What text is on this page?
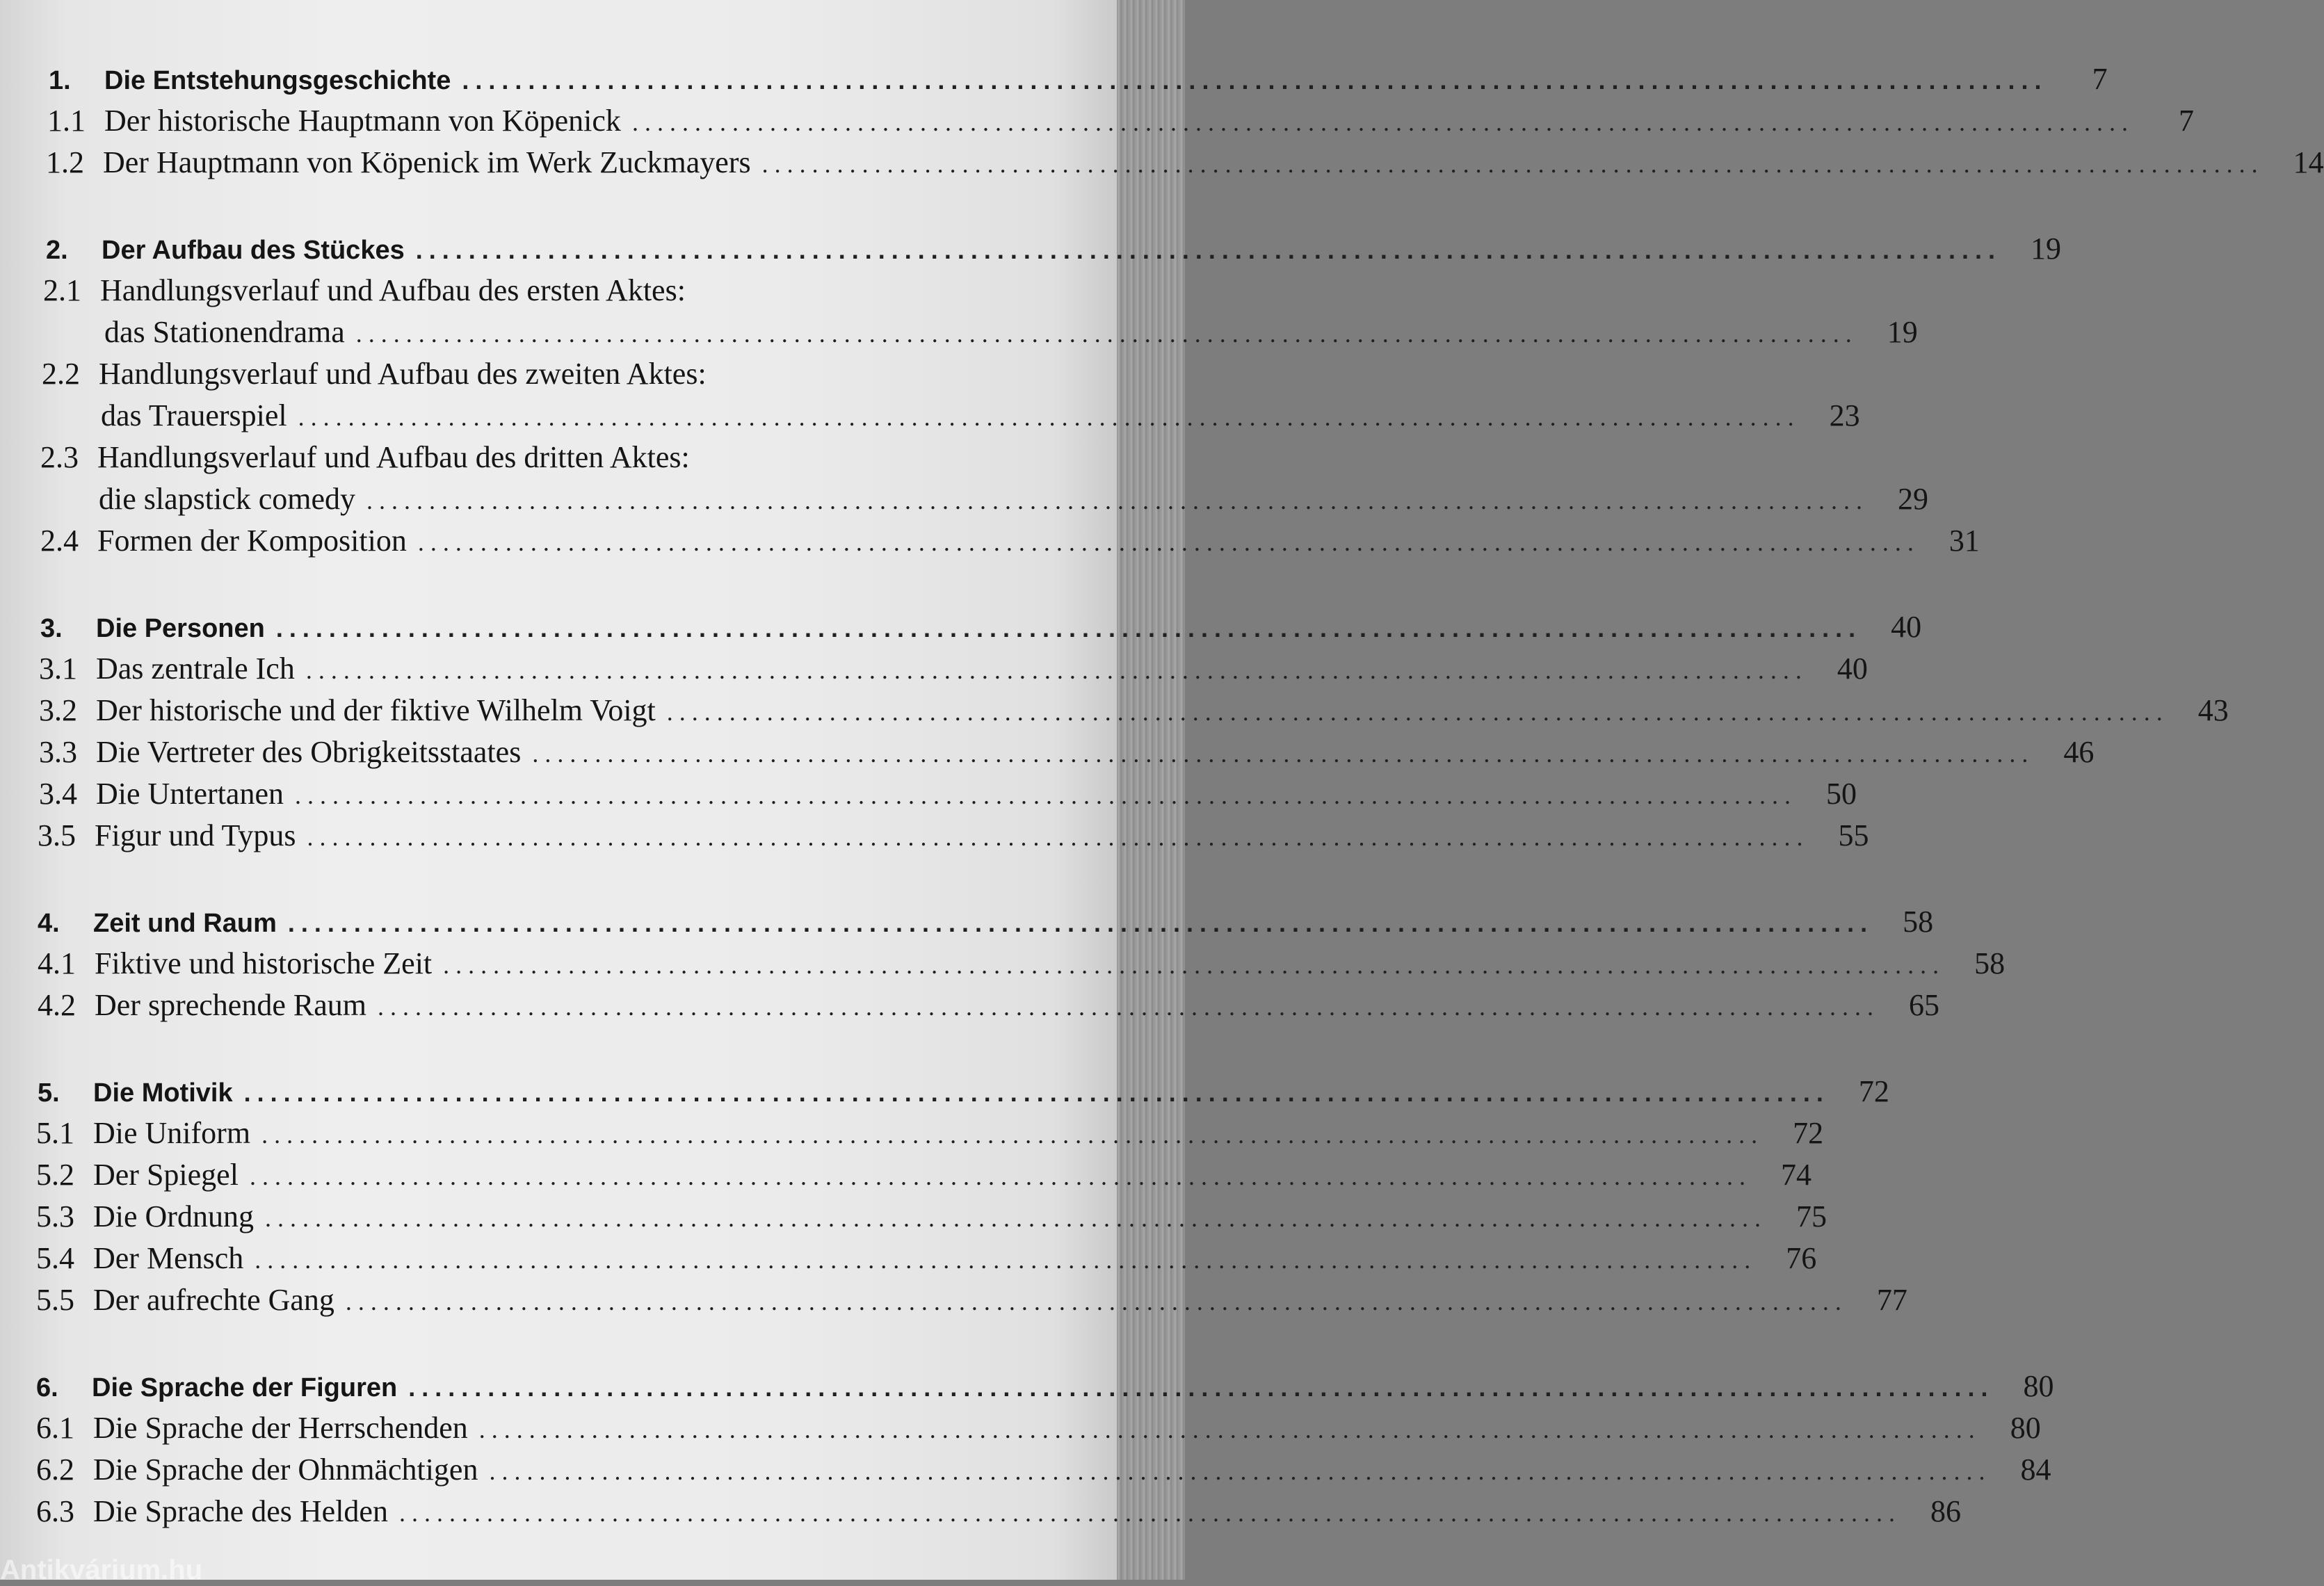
1.	Die Entstehungsgeschichte ........................................................................................................................	7
1.1 Der historische Hauptmann von Köpenick ........................................................................................................................	7
1.2 Der Hauptmann von Köpenick im Werk Zuckmayers ........................................................................................................................ 14
2.	Der Aufbau des Stückes ........................................................................................................................ 19
2.1 Handlungsverlauf und Aufbau des ersten Aktes:
das Stationendrama ........................................................................................................................ 19
2.2 Handlungsverlauf und Aufbau des zweiten Aktes:
das Trauerspiel ........................................................................................................................ 23
2.3 Handlungsverlauf und Aufbau des dritten Aktes:
die slapstick comedy ........................................................................................................................ 29
2.4 Formen der Komposition ........................................................................................................................ 31
3.	Die Personen ........................................................................................................................ 40
3.1 Das zentrale Ich ........................................................................................................................ 40
3.2 Der historische und der fiktive Wilhelm Voigt ........................................................................................................................ 43
3.3 Die Vertreter des Obrigkeitsstaates ........................................................................................................................ 46
3.4 Die Untertanen ........................................................................................................................ 50
3.5 Figur und Typus ........................................................................................................................ 55
4.	Zeit und Raum ........................................................................................................................ 58
4.1 Fiktive und historische Zeit ........................................................................................................................ 58
4.2 Der sprechende Raum ........................................................................................................................ 65
5.	Die Motivik ........................................................................................................................ 72
5.1 Die Uniform ........................................................................................................................ 72
5.2 Der Spiegel ........................................................................................................................ 74
5.3 Die Ordnung ........................................................................................................................ 75
5.4 Der Mensch ........................................................................................................................ 76
5.5 Der aufrechte Gang ........................................................................................................................ 77
6.	Die Sprache der Figuren ........................................................................................................................ 80
6.1 Die Sprache der Herrschenden ........................................................................................................................ 80
6.2 Die Sprache der Ohnmächtigen ........................................................................................................................ 84
6.3 Die Sprache des Helden ........................................................................................................................ 86
Antikvárium.hu
